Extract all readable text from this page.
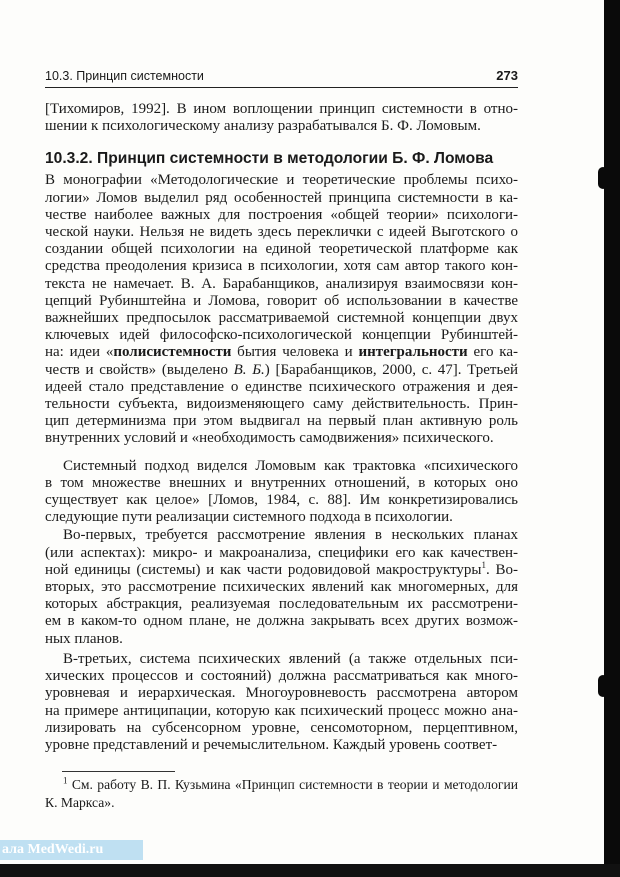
10.3. Принцип системности	273
[Тихомиров, 1992]. В ином воплощении принцип системности в отно-
шении к психологическому анализу разрабатывался Б. Ф. Ломовым.
10.3.2. Принцип системности в методологии Б. Ф. Ломова
В монографии «Методологические и теоретические проблемы психо-
логии» Ломов выделил ряд особенностей принципа системности в ка-
честве наиболее важных для построения «общей теории» психологи-
ческой науки. Нельзя не видеть здесь переклички с идеей Выготского о
создании общей психологии на единой теоретической платформе как
средства преодоления кризиса в психологии, хотя сам автор такого кон-
текста не намечает. В. А. Барабанщиков, анализируя взаимосвязи кон-
цепций Рубинштейна и Ломова, говорит об использовании в качестве
важнейших предпосылок рассматриваемой системной концепции двух
ключевых идей философско-психологической концепции Рубинштей-
на: идеи «полисистемности бытия человека и интегральности его ка-
честв и свойств» (выделено В. Б.) [Барабанщиков, 2000, с. 47]. Третьей
идеей стало представление о единстве психического отражения и дея-
тельности субъекта, видоизменяющего саму действительность. Прин-
цип детерминизма при этом выдвигал на первый план активную роль
внутренних условий и «необходимость самодвижения» психического.
Системный подход виделся Ломовым как трактовка «психического
в том множестве внешних и внутренних отношений, в которых оно
существует как целое» [Ломов, 1984, с. 88]. Им конкретизировались
следующие пути реализации системного подхода в психологии.
Во-первых, требуется рассмотрение явления в нескольких планах
(или аспектах): микро- и макроанализа, специфики его как качествен-
ной единицы (системы) и как части родовидовой макроструктуры$^1$. Во-
вторых, это рассмотрение психических явлений как многомерных, для
которых абстракция, реализуемая последовательным их рассмотрени-
ем в каком-то одном плане, не должна закрывать всех других возмож-
ных планов.
В-третьих, система психических явлений (а также отдельных пси-
хических процессов и состояний) должна рассматриваться как много-
уровневая и иерархическая. Многоуровневость рассмотрена автором
на примере антиципации, которую как психический процесс можно ана-
лизировать на субсенсорном уровне, сенсомоторном, перцептивном,
уровне представлений и речемыслительном. Каждый уровень соответ-
$^1$ См. работу В. П. Кузьмина «Принцип системности в теории и методологии
К. Маркса».
ала MedWedi.ru
